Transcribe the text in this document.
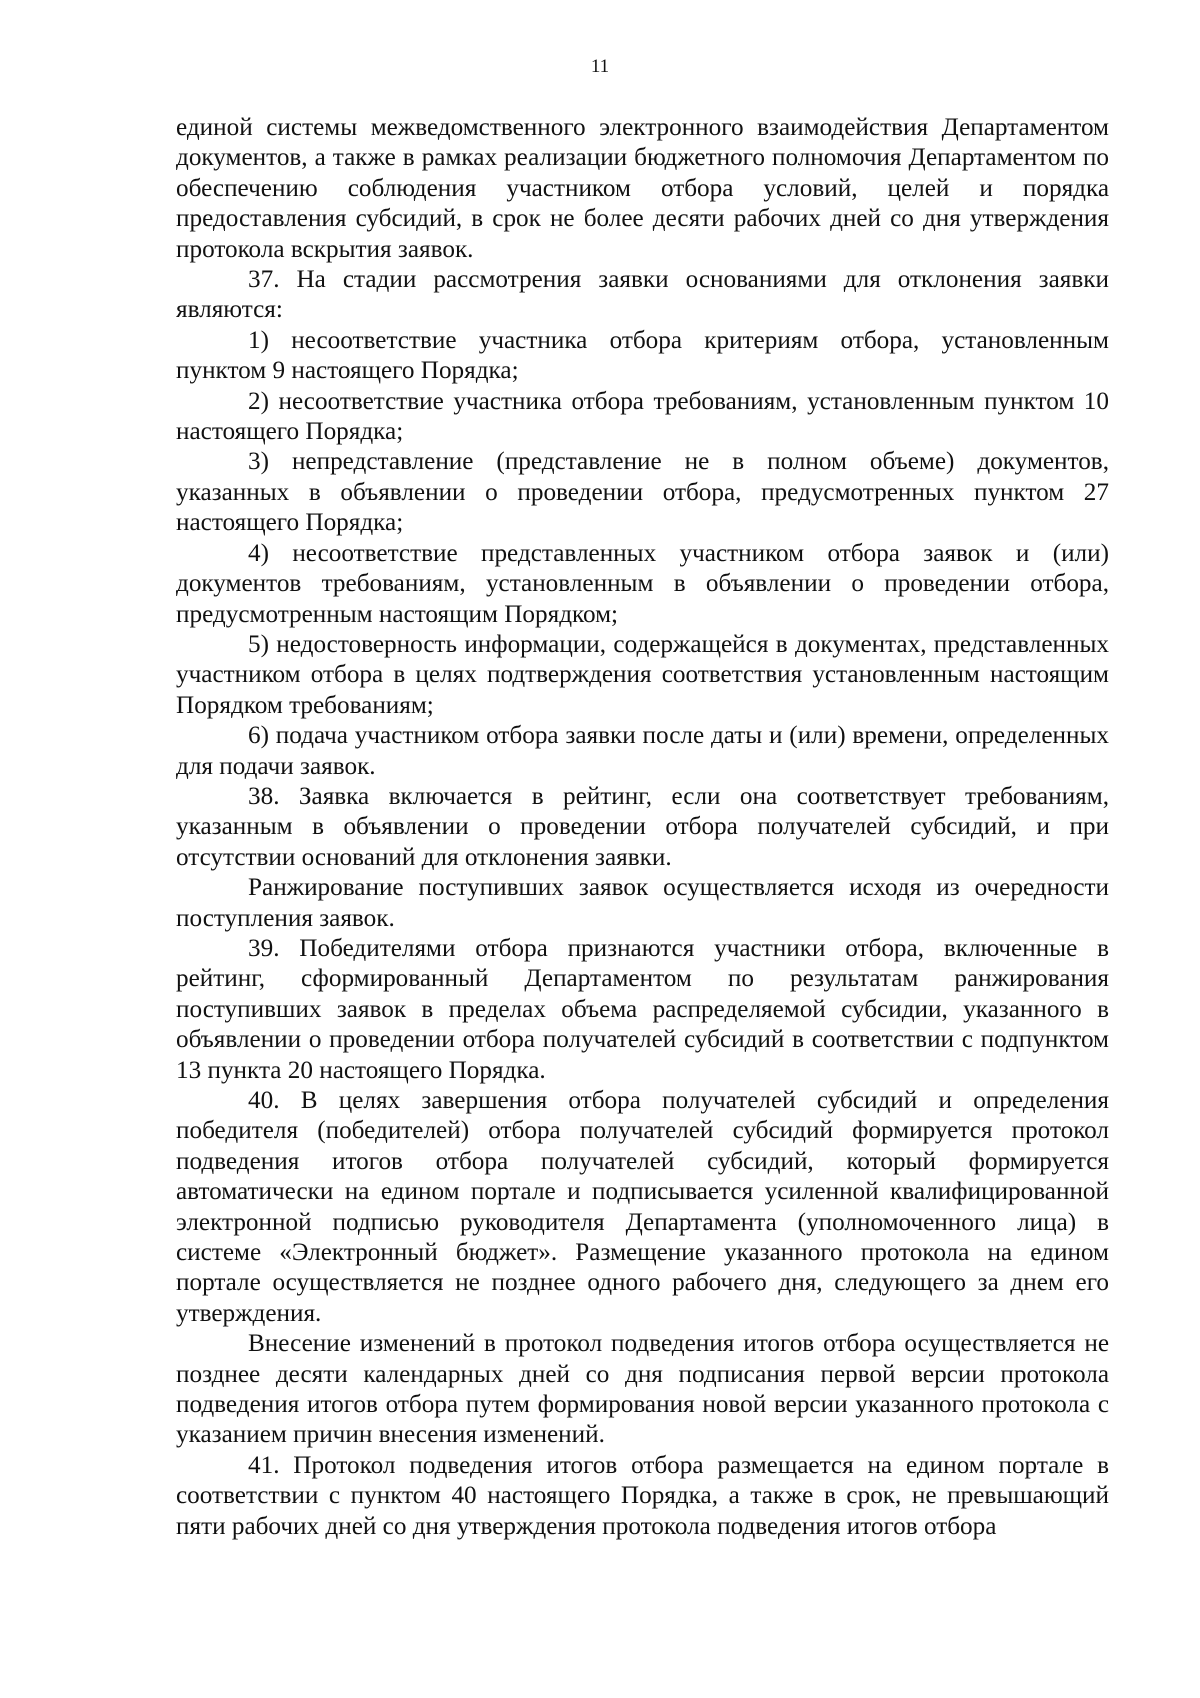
11

единой системы межведомственного электронного взаимодействия Департаментом документов, а также в рамках реализации бюджетного полномочия Департаментом по обеспечению соблюдения участником отбора условий, целей и порядка предоставления субсидий, в срок не более десяти рабочих дней со дня утверждения протокола вскрытия заявок.

37. На стадии рассмотрения заявки основаниями для отклонения заявки являются:

1) несоответствие участника отбора критериям отбора, установленным пунктом 9 настоящего Порядка;

2) несоответствие участника отбора требованиям, установленным пунктом 10 настоящего Порядка;

3) непредставление (представление не в полном объеме) документов, указанных в объявлении о проведении отбора, предусмотренных пунктом 27 настоящего Порядка;

4) несоответствие представленных участником отбора заявок и (или) документов требованиям, установленным в объявлении о проведении отбора, предусмотренным настоящим Порядком;

5) недостоверность информации, содержащейся в документах, представленных участником отбора в целях подтверждения соответствия установленным настоящим Порядком требованиям;

6) подача участником отбора заявки после даты и (или) времени, определенных для подачи заявок.

38. Заявка включается в рейтинг, если она соответствует требованиям, указанным в объявлении о проведении отбора получателей субсидий, и при отсутствии оснований для отклонения заявки.

Ранжирование поступивших заявок осуществляется исходя из очередности поступления заявок.

39. Победителями отбора признаются участники отбора, включенные в рейтинг, сформированный Департаментом по результатам ранжирования поступивших заявок в пределах объема распределяемой субсидии, указанного в объявлении о проведении отбора получателей субсидий в соответствии с подпунктом 13 пункта 20 настоящего Порядка.

40. В целях завершения отбора получателей субсидий и определения победителя (победителей) отбора получателей субсидий формируется протокол подведения итогов отбора получателей субсидий, который формируется автоматически на едином портале и подписывается усиленной квалифицированной электронной подписью руководителя Департамента (уполномоченного лица) в системе «Электронный бюджет». Размещение указанного протокола на едином портале осуществляется не позднее одного рабочего дня, следующего за днем его утверждения.

Внесение изменений в протокол подведения итогов отбора осуществляется не позднее десяти календарных дней со дня подписания первой версии протокола подведения итогов отбора путем формирования новой версии указанного протокола с указанием причин внесения изменений.

41. Протокол подведения итогов отбора размещается на едином портале в соответствии с пунктом 40 настоящего Порядка, а также в срок, не превышающий пяти рабочих дней со дня утверждения протокола подведения итогов отбора
